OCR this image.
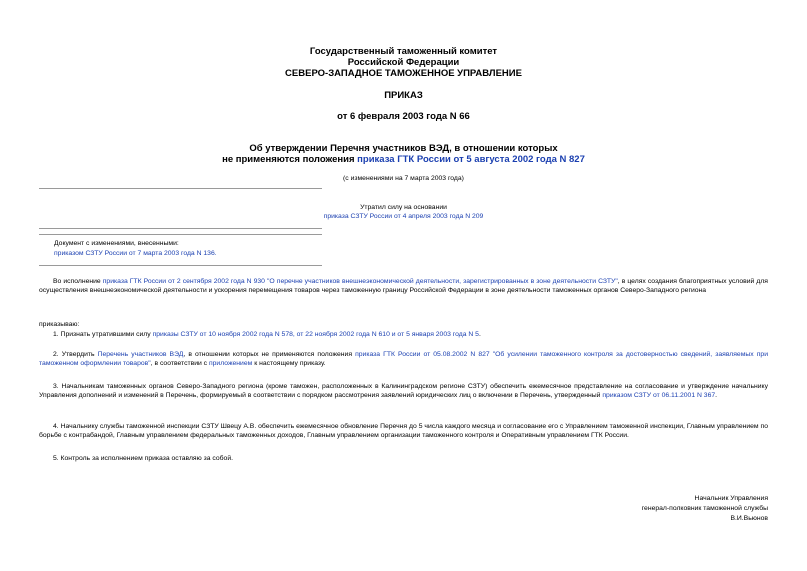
Государственный таможенный комитет
Российской Федерации
СЕВЕРО-ЗАПАДНОЕ ТАМОЖЕННОЕ УПРАВЛЕНИЕ
ПРИКАЗ
от 6 февраля 2003 года N 66
Об утверждении Перечня участников ВЭД, в отношении которых
не применяются положения приказа ГТК России от 5 августа 2002 года N 827
(с изменениями на 7 марта 2003 года)
Утратил силу на основании
приказа СЗТУ России от 4 апреля 2003 года N 209
Документ с изменениями, внесенными:
приказом СЗТУ России от 7 марта 2003 года N 136.
Во исполнение приказа ГТК России от 2 сентября 2002 года N 930 "О перечне участников внешнеэкономической деятельности, зарегистрированных в зоне деятельности СЗТУ", в целях создания благоприятных условий для осуществления внешнеэкономической деятельности и ускорения перемещения товаров через таможенную границу Российской Федерации в зоне деятельности таможенных органов Северо-Западного региона
приказываю:
1. Признать утратившими силу приказы СЗТУ от 10 ноября 2002 года N 578, от 22 ноября 2002 года N 610 и от 5 января 2003 года N 5.
2. Утвердить Перечень участников ВЭД, в отношении которых не применяются положения приказа ГТК России от 05.08.2002 N 827 "Об усилении таможенного контроля за достоверностью сведений, заявляемых при таможенном оформлении товаров", в соответствии с приложением к настоящему приказу.
3. Начальникам таможенных органов Северо-Западного региона (кроме таможен, расположенных в Калининградском регионе СЗТУ) обеспечить ежемесячное представление на согласование и утверждение начальнику Управления дополнений и изменений в Перечень, формируемый в соответствии с порядком рассмотрения заявлений юридических лиц о включении в Перечень, утвержденный приказом СЗТУ от 06.11.2001 N 367.
4. Начальнику службы таможенной инспекции СЗТУ Швецу А.В. обеспечить ежемесячное обновление Перечня до 5 числа каждого месяца и согласование его с Управлением таможенной инспекции, Главным управлением по борьбе с контрабандой, Главным управлением федеральных таможенных доходов, Главным управлением организации таможенного контроля и Оперативным управлением ГТК России.
5. Контроль за исполнением приказа оставляю за собой.
Начальник Управления
генерал-полковник таможенной службы
В.И.Вьюнов
